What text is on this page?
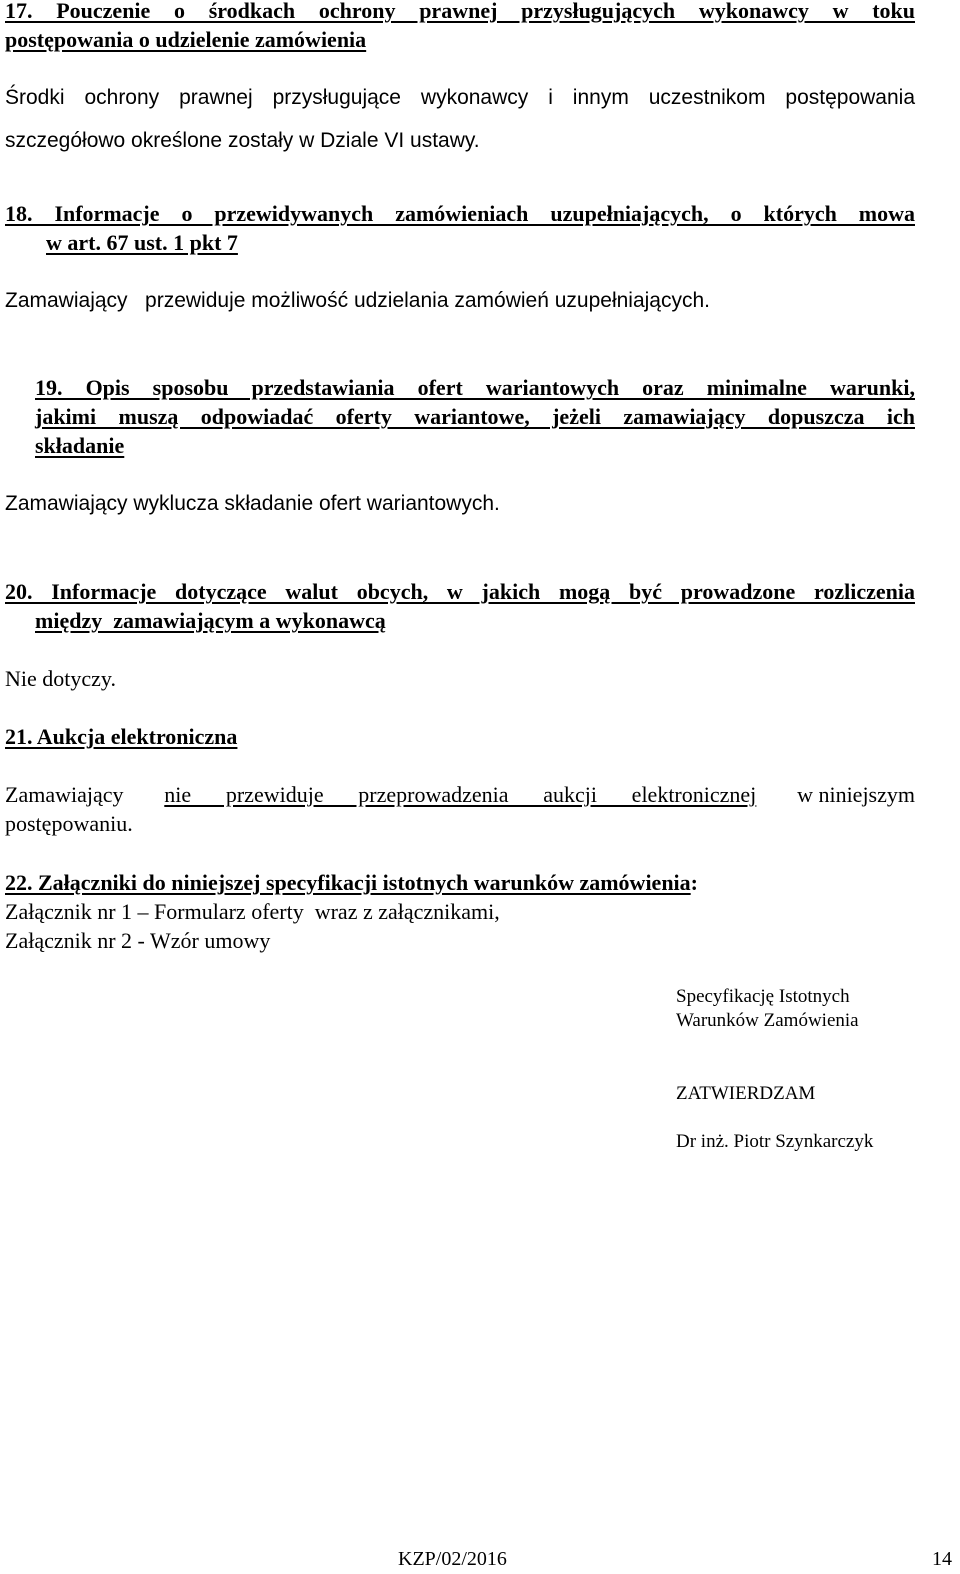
17. Pouczenie o środkach ochrony prawnej przysługujących wykonawcy w toku
postępowania o udzielenie zamówienia
Środki ochrony prawnej przysługujące wykonawcy i innym uczestnikom postępowania
szczegółowo określone zostały w Dziale VI ustawy.
18. Informacje o przewidywanych zamówieniach uzupełniających, o których mowa
w art. 67 ust. 1 pkt 7
Zamawiający   przewiduje możliwość udzielania zamówień uzupełniających.
19. Opis sposobu przedstawiania ofert wariantowych oraz minimalne warunki,
jakimi muszą odpowiadać oferty wariantowe, jeżeli zamawiający dopuszcza ich
składanie
Zamawiający wyklucza składanie ofert wariantowych.
20. Informacje dotyczące walut obcych, w jakich mogą być prowadzone rozliczenia
między  zamawiającym a wykonawcą
Nie dotyczy.
21. Aukcja elektroniczna
Zamawiający nie przewiduje przeprowadzenia aukcji elektronicznej w niniejszym
postępowaniu.
22. Załączniki do niniejszej specyfikacji istotnych warunków zamówienia:
Załącznik nr 1 – Formularz oferty  wraz z załącznikami,
Załącznik nr 2 - Wzór umowy
Specyfikację Istotnych
Warunków Zamówienia
ZATWIERDZAM
Dr inż. Piotr Szynkarczyk
KZP/02/2016	14
